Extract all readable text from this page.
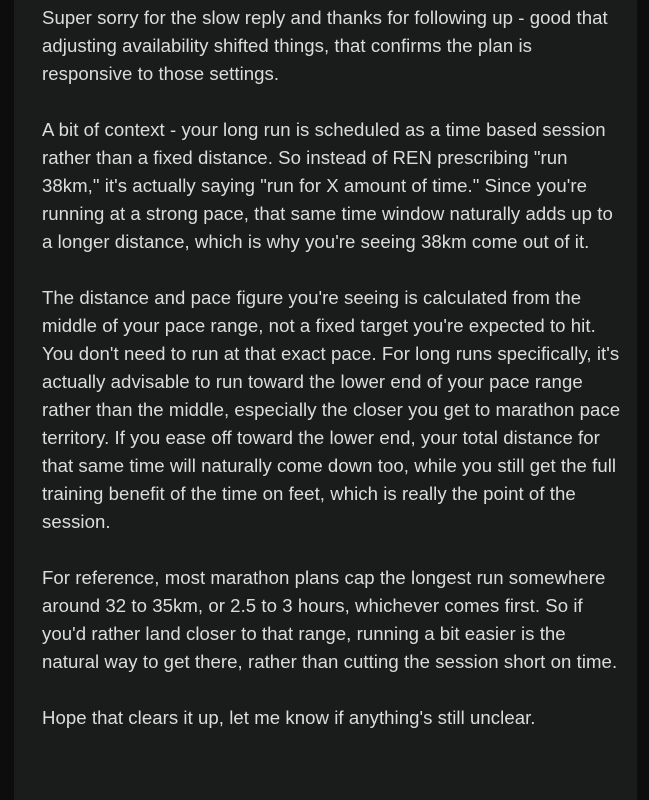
Super sorry for the slow reply and thanks for following up - good that adjusting availability shifted things, that confirms the plan is responsive to those settings.

A bit of context - your long run is scheduled as a time based session rather than a fixed distance. So instead of REN prescribing "run 38km," it's actually saying "run for X amount of time." Since you're running at a strong pace, that same time window naturally adds up to a longer distance, which is why you're seeing 38km come out of it.

The distance and pace figure you're seeing is calculated from the middle of your pace range, not a fixed target you're expected to hit. You don't need to run at that exact pace. For long runs specifically, it's actually advisable to run toward the lower end of your pace range rather than the middle, especially the closer you get to marathon pace territory. If you ease off toward the lower end, your total distance for that same time will naturally come down too, while you still get the full training benefit of the time on feet, which is really the point of the session.

For reference, most marathon plans cap the longest run somewhere around 32 to 35km, or 2.5 to 3 hours, whichever comes first. So if you'd rather land closer to that range, running a bit easier is the natural way to get there, rather than cutting the session short on time.

Hope that clears it up, let me know if anything's still unclear.
